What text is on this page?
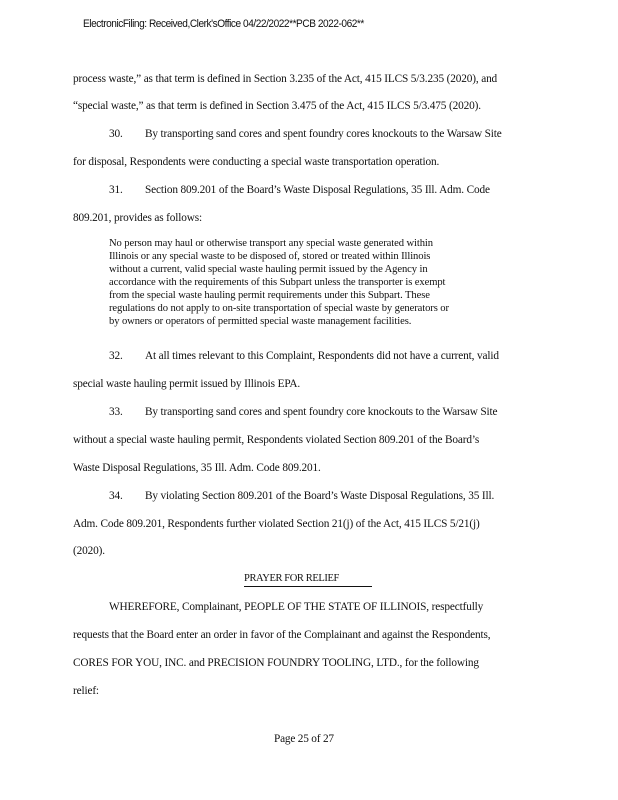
ElectronicFiling: Received,Clerk'sOffice 04/22/2022**PCB 2022-062**
process waste,” as that term is defined in Section 3.235 of the Act, 415 ILCS 5/3.235 (2020), and
“special waste,” as that term is defined in Section 3.475 of the Act, 415 ILCS 5/3.475 (2020).
30. By transporting sand cores and spent foundry cores knockouts to the Warsaw Site
for disposal, Respondents were conducting a special waste transportation operation.
31. Section 809.201 of the Board’s Waste Disposal Regulations, 35 Ill. Adm. Code
809.201, provides as follows:
No person may haul or otherwise transport any special waste generated within
Illinois or any special waste to be disposed of, stored or treated within Illinois
without a current, valid special waste hauling permit issued by the Agency in
accordance with the requirements of this Subpart unless the transporter is exempt
from the special waste hauling permit requirements under this Subpart. These
regulations do not apply to on-site transportation of special waste by generators or
by owners or operators of permitted special waste management facilities.
32. At all times relevant to this Complaint, Respondents did not have a current, valid
special waste hauling permit issued by Illinois EPA.
33. By transporting sand cores and spent foundry core knockouts to the Warsaw Site
without a special waste hauling permit, Respondents violated Section 809.201 of the Board’s
Waste Disposal Regulations, 35 Ill. Adm. Code 809.201.
34. By violating Section 809.201 of the Board’s Waste Disposal Regulations, 35 Ill.
Adm. Code 809.201, Respondents further violated Section 21(j) of the Act, 415 ILCS 5/21(j)
(2020).
PRAYER FOR RELIEF
WHEREFORE, Complainant, PEOPLE OF THE STATE OF ILLINOIS, respectfully
requests that the Board enter an order in favor of the Complainant and against the Respondents,
CORES FOR YOU, INC. and PRECISION FOUNDRY TOOLING, LTD., for the following
relief:
Page 25 of 27
